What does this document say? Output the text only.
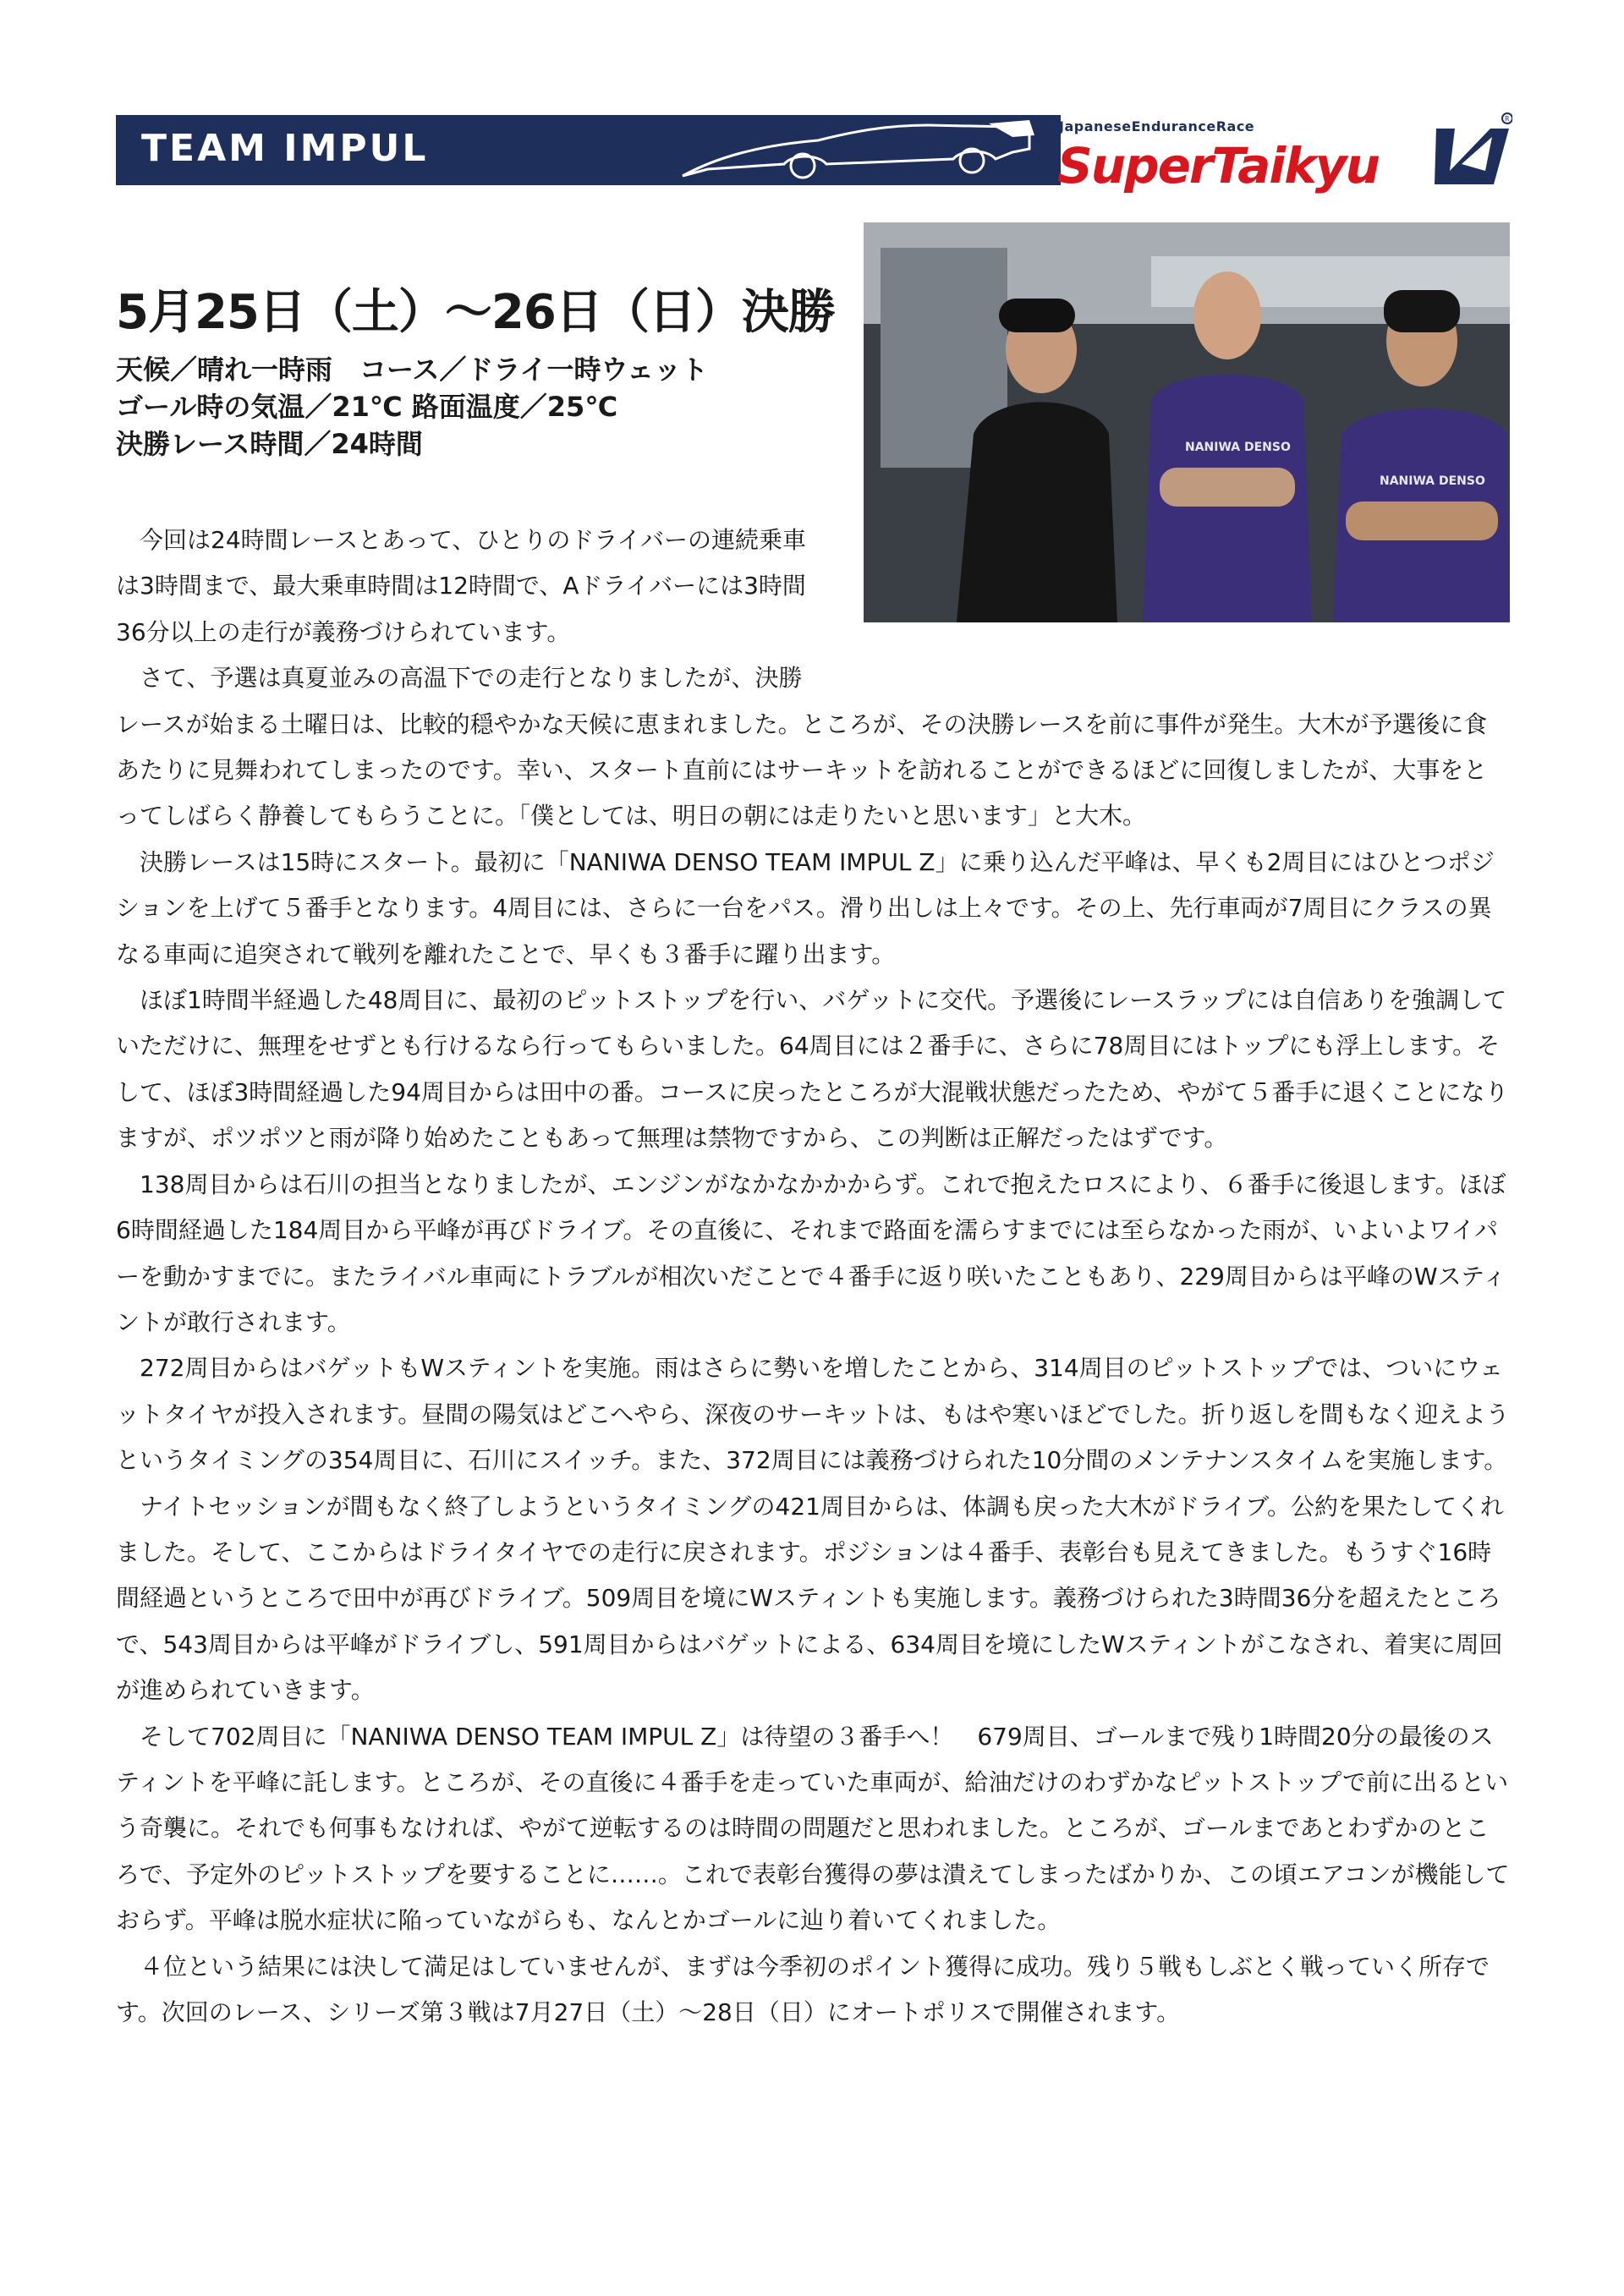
TEAM IMPUL
JapaneseEnduranceRace
SuperTaikyu
R
NANIWA DENSO
NANIWA DENSO
5月25日（土）〜26日（日）決勝
天候／晴れ一時雨　コース／ドライ一時ウェット
ゴール時の気温／21℃ 路面温度／25℃
決勝レース時間／24時間

今回は24時間レースとあって、ひとりのドライバーの連続乗車は3時間まで、最大乗車時間は12時間で、Aドライバーには3時間36分以上の走行が義務づけられています。

さて、予選は真夏並みの高温下での走行となりましたが、決勝レースが始まる土曜日は、比較的穏やかな天候に恵まれました。ところが、その決勝レースを前に事件が発生。大木が予選後に食あたりに見舞われてしまったのです。幸い、スタート直前にはサーキットを訪れることができるほどに回復しましたが、大事をとってしばらく静養してもらうことに。「僕としては、明日の朝には走りたいと思います」と大木。

決勝レースは15時にスタート。最初に「NANIWA DENSO TEAM IMPUL Z」に乗り込んだ平峰は、早くも2周目にはひとつポジションを上げて５番手となります。4周目には、さらに一台をパス。滑り出しは上々です。その上、先行車両が7周目にクラスの異なる車両に追突されて戦列を離れたことで、早くも３番手に躍り出ます。

ほぼ1時間半経過した48周目に、最初のピットストップを行い、バゲットに交代。予選後にレースラップには自信ありを強調していただけに、無理をせずとも行けるなら行ってもらいました。64周目には２番手に、さらに78周目にはトップにも浮上します。そして、ほぼ3時間経過した94周目からは田中の番。コースに戻ったところが大混戦状態だったため、やがて５番手に退くことになりますが、ポツポツと雨が降り始めたこともあって無理は禁物ですから、この判断は正解だったはずです。

138周目からは石川の担当となりましたが、エンジンがなかなかかからず。これで抱えたロスにより、６番手に後退します。ほぼ6時間経過した184周目から平峰が再びドライブ。その直後に、それまで路面を濡らすまでには至らなかった雨が、いよいよワイパーを動かすまでに。またライバル車両にトラブルが相次いだことで４番手に返り咲いたこともあり、229周目からは平峰のWスティントが敢行されます。

272周目からはバゲットもWスティントを実施。雨はさらに勢いを増したことから、314周目のピットストップでは、ついにウェットタイヤが投入されます。昼間の陽気はどこへやら、深夜のサーキットは、もはや寒いほどでした。折り返しを間もなく迎えようというタイミングの354周目に、石川にスイッチ。また、372周目には義務づけられた10分間のメンテナンスタイムを実施します。

ナイトセッションが間もなく終了しようというタイミングの421周目からは、体調も戻った大木がドライブ。公約を果たしてくれました。そして、ここからはドライタイヤでの走行に戻されます。ポジションは４番手、表彰台も見えてきました。もうすぐ16時間経過というところで田中が再びドライブ。509周目を境にWスティントも実施します。義務づけられた3時間36分を超えたところで、543周目からは平峰がドライブし、591周目からはバゲットによる、634周目を境にしたWスティントがこなされ、着実に周回が進められていきます。

そして702周目に「NANIWA DENSO TEAM IMPUL Z」は待望の３番手へ！　679周目、ゴールまで残り1時間20分の最後のスティントを平峰に託します。ところが、その直後に４番手を走っていた車両が、給油だけのわずかなピットストップで前に出るという奇襲に。それでも何事もなければ、やがて逆転するのは時間の問題だと思われました。ところが、ゴールまであとわずかのところで、予定外のピットストップを要することに……。これで表彰台獲得の夢は潰えてしまったばかりか、この頃エアコンが機能しておらず。平峰は脱水症状に陥っていながらも、なんとかゴールに辿り着いてくれました。

４位という結果には決して満足はしていませんが、まずは今季初のポイント獲得に成功。残り５戦もしぶとく戦っていく所存です。次回のレース、シリーズ第３戦は7月27日（土）〜28日（日）にオートポリスで開催されます。
